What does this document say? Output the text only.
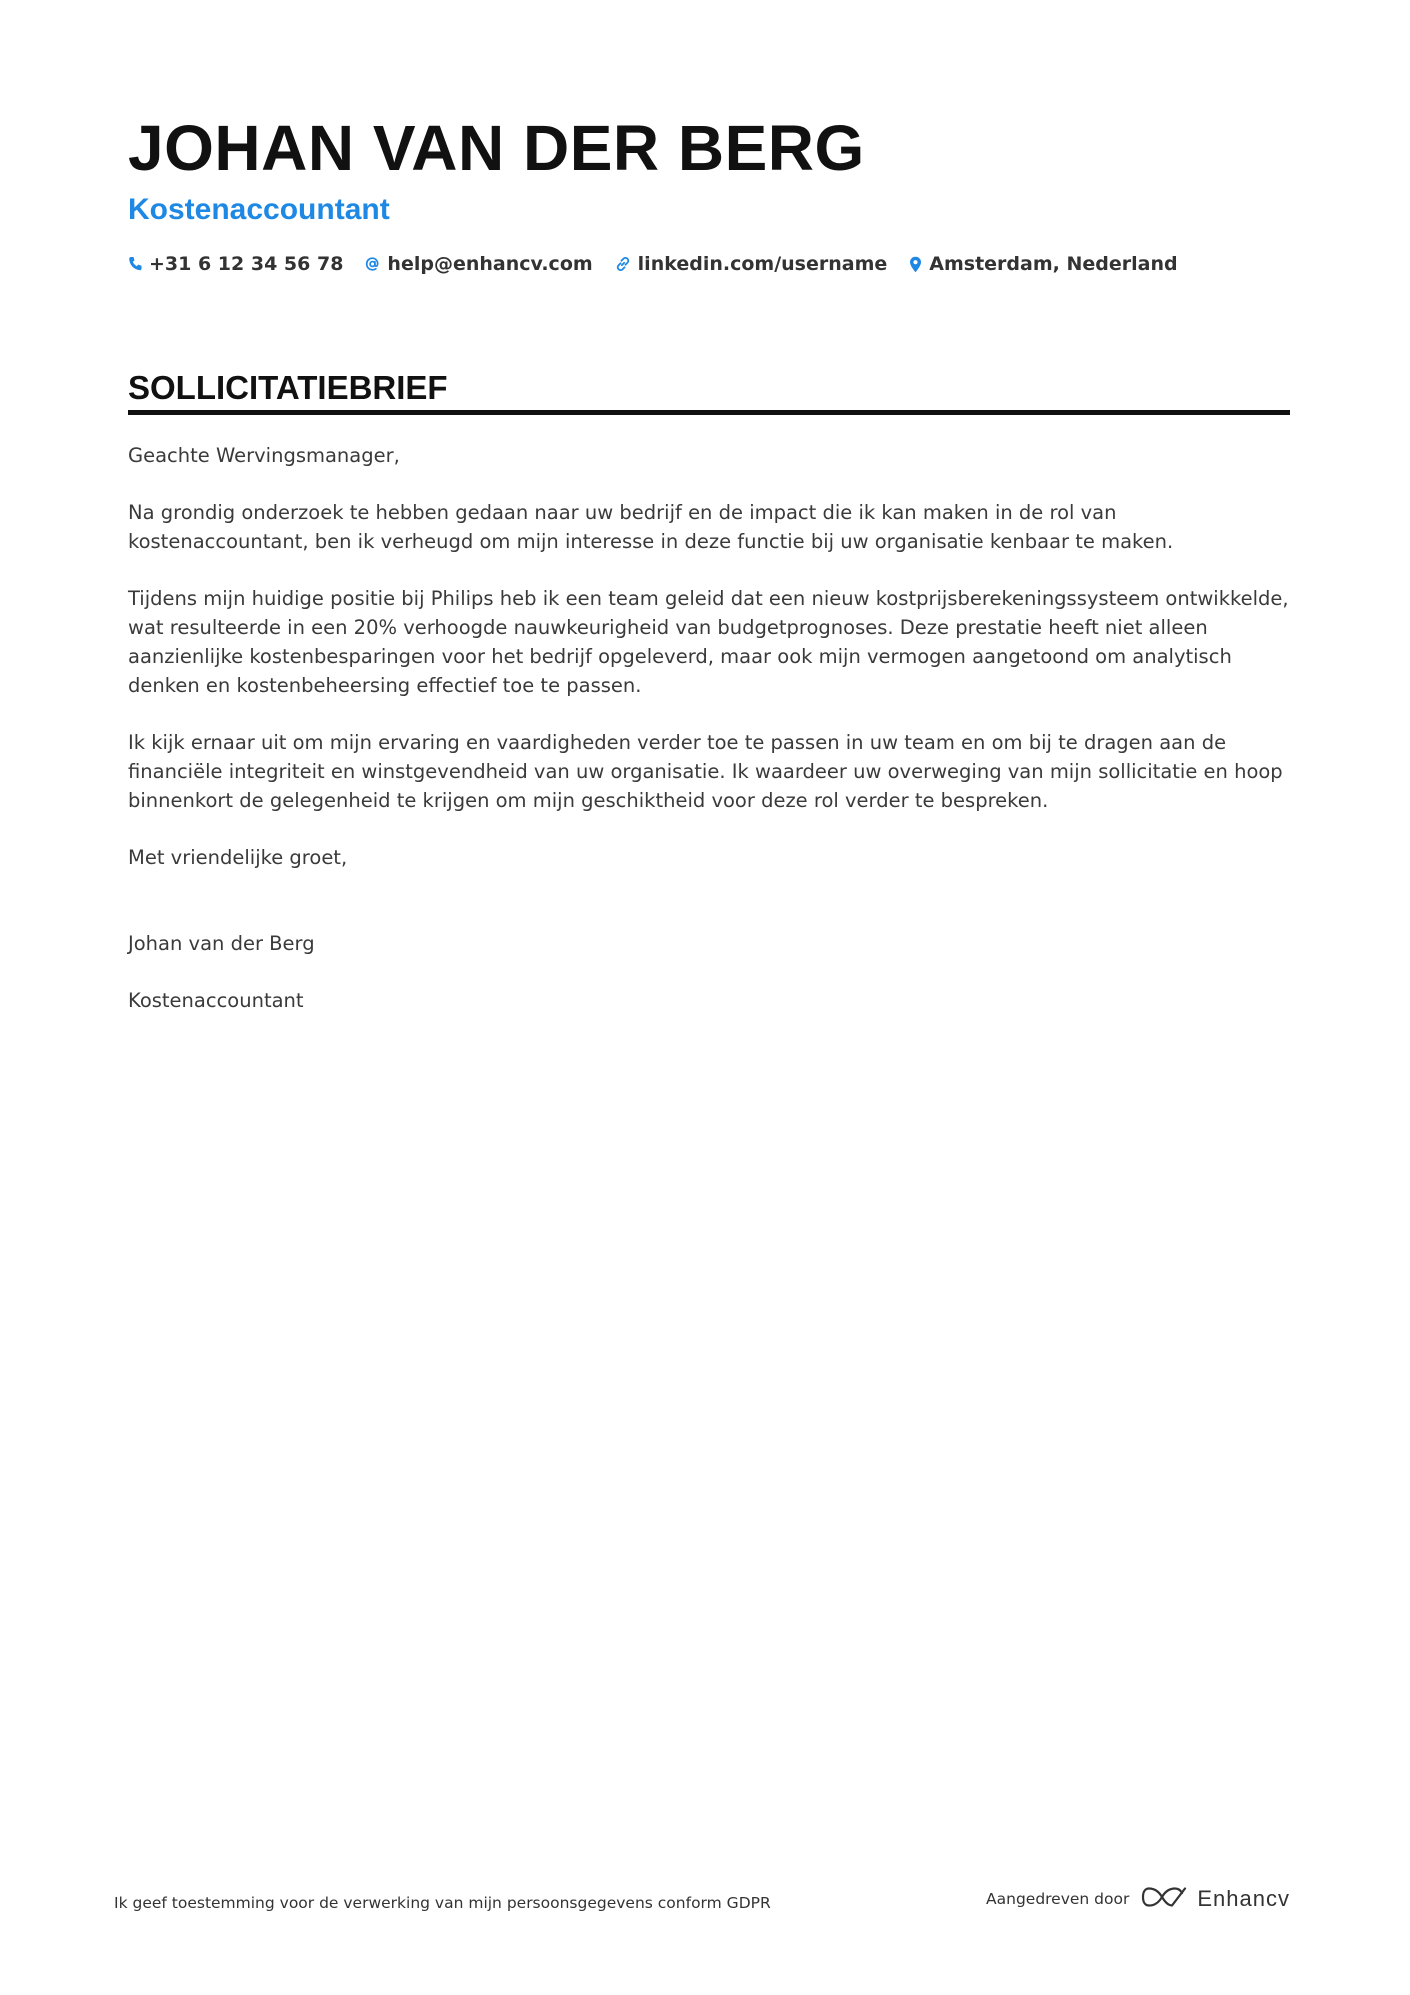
JOHAN VAN DER BERG
Kostenaccountant
+31 6 12 34 56 78 help@enhancv.com linkedin.com/username Amsterdam, Nederland
SOLLICITATIEBRIEF

Geachte Wervingsmanager,

Na grondig onderzoek te hebben gedaan naar uw bedrijf en de impact die ik kan maken in de rol van kostenaccountant, ben ik verheugd om mijn interesse in deze functie bij uw organisatie kenbaar te maken.

Tijdens mijn huidige positie bij Philips heb ik een team geleid dat een nieuw kostprijsberekeningssysteem ontwikkelde, wat resulteerde in een 20% verhoogde nauwkeurigheid van budgetprognoses. Deze prestatie heeft niet alleen aanzienlijke kostenbesparingen voor het bedrijf opgeleverd, maar ook mijn vermogen aangetoond om analytisch denken en kostenbeheersing effectief toe te passen.

Ik kijk ernaar uit om mijn ervaring en vaardigheden verder toe te passen in uw team en om bij te dragen aan de financiële integriteit en winstgevendheid van uw organisatie. Ik waardeer uw overweging van mijn sollicitatie en hoop binnenkort de gelegenheid te krijgen om mijn geschiktheid voor deze rol verder te bespreken.

Met vriendelijke groet,

Johan van der Berg

Kostenaccountant

Ik geef toestemming voor de verwerking van mijn persoonsgegevens conform GDPR	Aangedreven door	Enhancv
